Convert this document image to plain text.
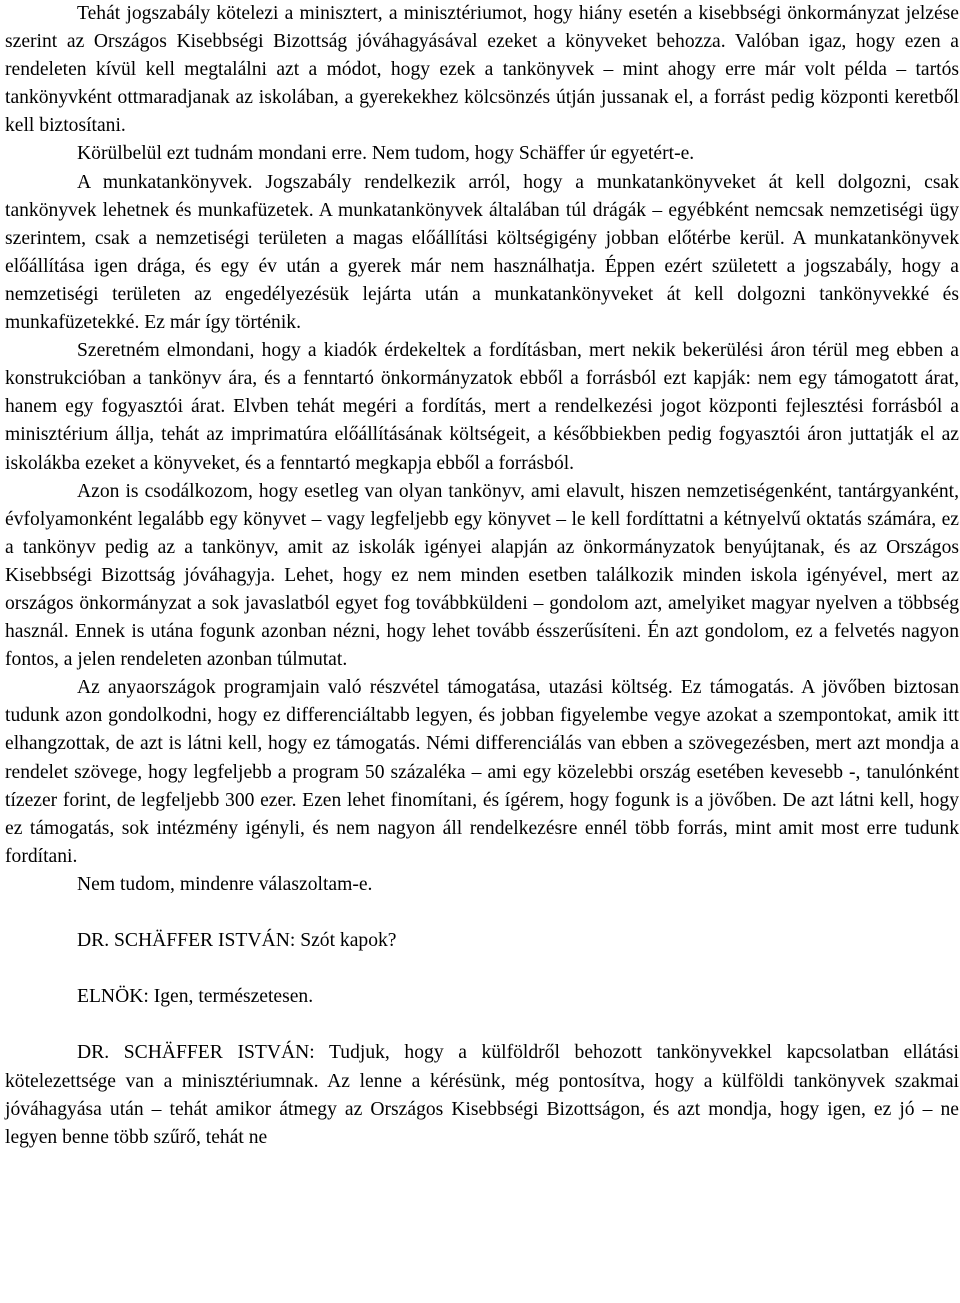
Tehát jogszabály kötelezi a minisztert, a minisztériumot, hogy hiány esetén a kisebbségi önkormányzat jelzése szerint az Országos Kisebbségi Bizottság jóváhagyásával ezeket a könyveket behozza. Valóban igaz, hogy ezen a rendeleten kívül kell megtalálni azt a módot, hogy ezek a tankönyvek – mint ahogy erre már volt példa – tartós tankönyvként ottmaradjanak az iskolában, a gyerekekhez kölcsönzés útján jussanak el, a forrást pedig központi keretből kell biztosítani.

Körülbelül ezt tudnám mondani erre. Nem tudom, hogy Schäffer úr egyetért-e.

A munkatankönyvek. Jogszabály rendelkezik arról, hogy a munkatankönyveket át kell dolgozni, csak tankönyvek lehetnek és munkafüzetek. A munkatankönyvek általában túl drágák – egyébként nemcsak nemzetiségi ügy szerintem, csak a nemzetiségi területen a magas előállítási költségigény jobban előtérbe kerül. A munkatankönyvek előállítása igen drága, és egy év után a gyerek már nem használhatja. Éppen ezért született a jogszabály, hogy a nemzetiségi területen az engedélyezésük lejárta után a munkatankönyveket át kell dolgozni tankönyvekké és munkafüzetekké. Ez már így történik.

Szeretném elmondani, hogy a kiadók érdekeltek a fordításban, mert nekik bekerülési áron térül meg ebben a konstrukcióban a tankönyv ára, és a fenntartó önkormányzatok ebből a forrásból ezt kapják: nem egy támogatott árat, hanem egy fogyasztói árat. Elvben tehát megéri a fordítás, mert a rendelkezési jogot központi fejlesztési forrásból a minisztérium állja, tehát az imprimatúra előállításának költségeit, a későbbiekben pedig fogyasztói áron juttatják el az iskolákba ezeket a könyveket, és a fenntartó megkapja ebből a forrásból.

Azon is csodálkozom, hogy esetleg van olyan tankönyv, ami elavult, hiszen nemzetiségenként, tantárgyanként, évfolyamonként legalább egy könyvet – vagy legfeljebb egy könyvet – le kell fordíttatni a kétnyelvű oktatás számára, ez a tankönyv pedig az a tankönyv, amit az iskolák igényei alapján az önkormányzatok benyújtanak, és az Országos Kisebbségi Bizottság jóváhagyja. Lehet, hogy ez nem minden esetben találkozik minden iskola igényével, mert az országos önkormányzat a sok javaslatból egyet fog továbbküldeni – gondolom azt, amelyiket magyar nyelven a többség használ. Ennek is utána fogunk azonban nézni, hogy lehet tovább ésszerűsíteni. Én azt gondolom, ez a felvetés nagyon fontos, a jelen rendeleten azonban túlmutat.

Az anyaországok programjain való részvétel támogatása, utazási költség. Ez támogatás. A jövőben biztosan tudunk azon gondolkodni, hogy ez differenciáltabb legyen, és jobban figyelembe vegye azokat a szempontokat, amik itt elhangzottak, de azt is látni kell, hogy ez támogatás. Némi differenciálás van ebben a szövegezésben, mert azt mondja a rendelet szövege, hogy legfeljebb a program 50 százaléka – ami egy közelebbi ország esetében kevesebb -, tanulónként tízezer forint, de legfeljebb 300 ezer. Ezen lehet finomítani, és ígérem, hogy fogunk is a jövőben. De azt látni kell, hogy ez támogatás, sok intézmény igényli, és nem nagyon áll rendelkezésre ennél több forrás, mint amit most erre tudunk fordítani.

Nem tudom, mindenre válaszoltam-e.

DR. SCHÄFFER ISTVÁN: Szót kapok?

ELNÖK: Igen, természetesen.

DR. SCHÄFFER ISTVÁN: Tudjuk, hogy a külföldről behozott tankönyvekkel kapcsolatban ellátási kötelezettsége van a minisztériumnak. Az lenne a kérésünk, még pontosítva, hogy a külföldi tankönyvek szakmai jóváhagyása után – tehát amikor átmegy az Országos Kisebbségi Bizottságon, és azt mondja, hogy igen, ez jó – ne legyen benne több szűrő, tehát ne
